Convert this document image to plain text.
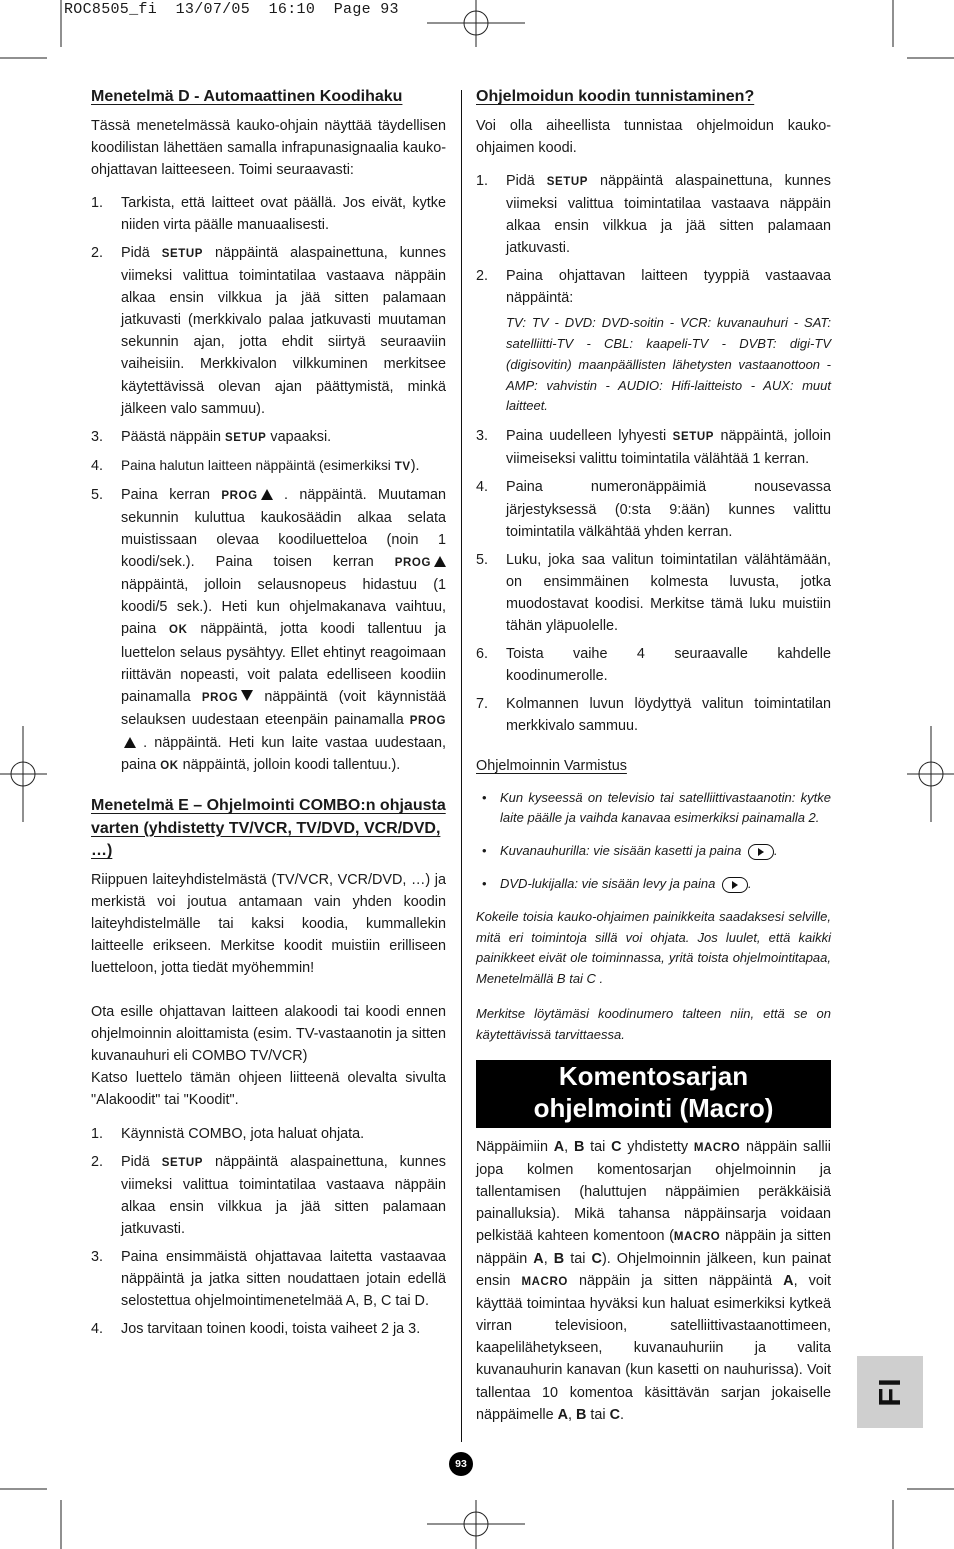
ROC8505_fi  13/07/05  16:10  Page 93
Menetelmä D - Automaattinen Koodihaku

Tässä menetelmässä kauko-ohjain näyttää täydellisen koodilistan lähettäen samalla infrapunasignaalia kauko-ohjattavan laitteeseen. Toimi seuraavasti:

1. Tarkista, että laitteet ovat päällä. Jos eivät, kytke niiden virta päälle manuaalisesti.
2. Pidä SETUP näppäintä alaspainettuna, kunnes viimeksi valittua toimintatilaa vastaava näppäin alkaa ensin vilkkua ja jää sitten palamaan jatkuvasti (merkkivalo palaa jatkuvasti muutaman sekunnin ajan, jotta ehdit siirtyä seuraaviin vaiheisiin. Merkkivalon vilkkuminen merkitsee käytettävissä olevan ajan päättymistä, minkä jälkeen valo sammuu).
3. Päästä näppäin SETUP vapaaksi.
4. Paina halutun laitteen näppäintä (esimerkiksi TV).
5. Paina kerran PROG . näppäintä. Muutaman sekunnin kuluttua kaukosäädin alkaa selata muistissaan olevaa koodiluetteloa (noin 1 koodi/sek.). Paina toisen kerran PROG näppäintä, jolloin selausnopeus hidastuu (1 koodi/5 sek.). Heti kun ohjelmakanava vaihtuu, paina OK näppäintä, jotta koodi tallentuu ja luettelon selaus pysähtyy. Ellet ehtinyt reagoimaan riittävän nopeasti, voit palata edelliseen koodiin painamalla PROG näppäintä (voit käynnistää selauksen uudestaan eteenpäin painamalla PROG . näppäintä. Heti kun laite vastaa uudestaan, paina OK näppäintä, jolloin koodi tallentuu.).
Menetelmä E – Ohjelmointi COMBO:n ohjausta varten (yhdistetty TV/VCR, TV/DVD, VCR/DVD, …)

Riippuen laiteyhdistelmästä (TV/VCR, VCR/DVD, …) ja merkistä voi joutua antamaan vain yhden koodin laiteyhdistelmälle tai kaksi koodia, kummallekin laitteelle erikseen. Merkitse koodit muistiin erilliseen luetteloon, jotta tiedät myöhemmin!

Ota esille ohjattavan laitteen alakoodi tai koodi ennen ohjelmoinnin aloittamista (esim. TV-vastaanotin ja sitten kuvanauhuri eli COMBO TV/VCR)

Katso luettelo tämän ohjeen liitteenä olevalta sivulta "Alakoodit" tai "Koodit".

1. Käynnistä COMBO, jota haluat ohjata.
2. Pidä SETUP näppäintä alaspainettuna, kunnes viimeksi valittua toimintatilaa vastaava näppäin alkaa ensin vilkkua ja jää sitten palamaan jatkuvasti.
3. Paina ensimmäistä ohjattavaa laitetta vastaavaa näppäintä ja jatka sitten noudattaen jotain edellä selostettua ohjelmointimenetelmää A, B, C tai D.
4. Jos tarvitaan toinen koodi, toista vaiheet 2 ja 3.
Ohjelmoidun koodin tunnistaminen?

Voi olla aiheellista tunnistaa ohjelmoidun kauko-ohjaimen koodi.

1. Pidä SETUP näppäintä alaspainettuna, kunnes viimeksi valittua toimintatilaa vastaava näppäin alkaa ensin vilkkua ja jää sitten palamaan jatkuvasti.
2. Paina ohjattavan laitteen tyyppiä vastaavaa näppäintä:
TV: TV - DVD: DVD-soitin - VCR: kuvanauhuri - SAT: satelliitti-TV - CBL: kaapeli-TV - DVBT: digi-TV (digisovitin) maanpäällisten lähetysten vastaanottoon - AMP: vahvistin - AUDIO: Hifi-laitteisto - AUX: muut laitteet.
3. Paina uudelleen lyhyesti SETUP näppäintä, jolloin viimeiseksi valittu toimintatila välähtää 1 kerran.
4. Paina numeronäppäimiä nousevassa järjestyksessä (0:sta 9:ään) kunnes valittu toimintatila välkähtää yhden kerran.
5. Luku, joka saa valitun toimintatilan välähtämään, on ensimmäinen kolmesta luvusta, jotka muodostavat koodisi. Merkitse tämä luku muistiin tähän yläpuolelle.
6. Toista vaihe 4 seuraavalle kahdelle koodinumerolle.
7. Kolmannen luvun löydyttyä valitun toimintatilan merkkivalo sammuu.
Ohjelmoinnin Varmistus
• Kun kyseessä on televisio tai satelliittivastaanotin: kytke laite päälle ja vaihda kanavaa esimerkiksi painamalla 2.
• Kuvanauhurilla: vie sisään kasetti ja paina	.
• DVD-lukijalla: vie sisään levy ja paina	.

Kokeile toisia kauko-ohjaimen painikkeita saadaksesi selville, mitä eri toimintoja sillä voi ohjata. Jos luulet, että kaikki painikkeet eivät ole toiminnassa, yritä toista ohjelmointitapaa, Menetelmällä B tai C .

Merkitse löytämäsi koodinumero talteen niin, että se on käytettävissä tarvittaessa.

Komentosarjan
ohjelmointi (Macro)

Näppäimiin A, B tai C yhdistetty MACRO näppäin sallii jopa kolmen komentosarjan ohjelmoinnin ja tallentamisen (haluttujen näppäimien peräkkäisiä painalluksia). Mikä tahansa näppäinsarja voidaan pelkistää kahteen komentoon (MACRO näppäin ja sitten näppäin A, B tai C). Ohjelmoinnin jälkeen, kun painat ensin MACRO näppäin ja sitten näppäintä A, voit käyttää toimintaa hyväksi kun haluat esimerkiksi kytkeä virran televisioon, satelliittivastaanottimeen, kaapelilähetykseen, kuvanauhuriin ja valita kuvanauhurin kanavan (kun kasetti on nauhurissa). Voit tallentaa 10 komentoa käsittävän sarjan jokaiselle näppäimelle A, B tai C.

FI
93
